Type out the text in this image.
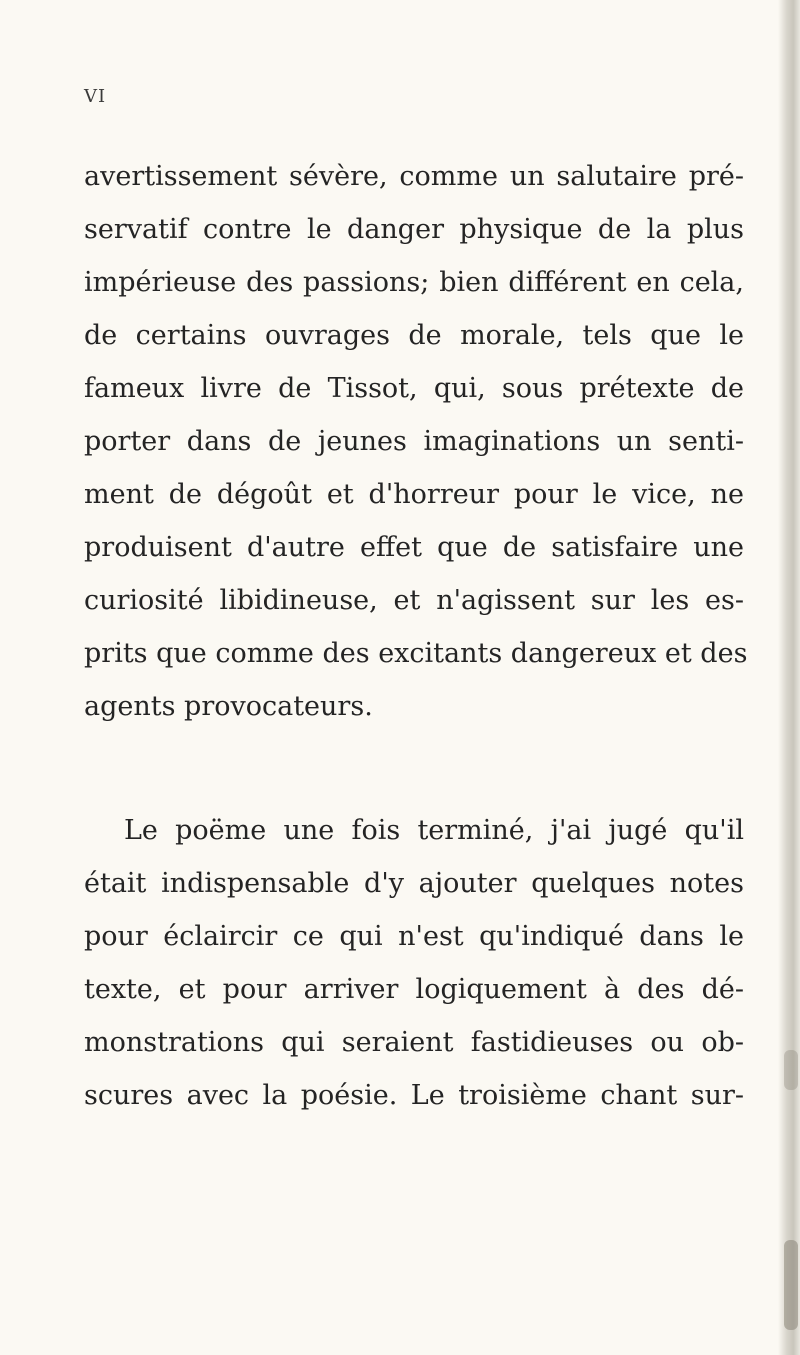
VI
avertissement sévère, comme un salutaire pré-
servatif contre le danger physique de la plus
impérieuse des passions; bien différent en cela,
de certains ouvrages de morale, tels que le
fameux livre de Tissot, qui, sous prétexte de
porter dans de jeunes imaginations un senti-
ment de dégoût et d'horreur pour le vice, ne
produisent d'autre effet que de satisfaire une
curiosité libidineuse, et n'agissent sur les es-
prits que comme des excitants dangereux et des
agents provocateurs.
Le poëme une fois terminé, j'ai jugé qu'il
était indispensable d'y ajouter quelques notes
pour éclaircir ce qui n'est qu'indiqué dans le
texte, et pour arriver logiquement à des dé-
monstrations qui seraient fastidieuses ou ob-
scures avec la poésie. Le troisième chant sur-
